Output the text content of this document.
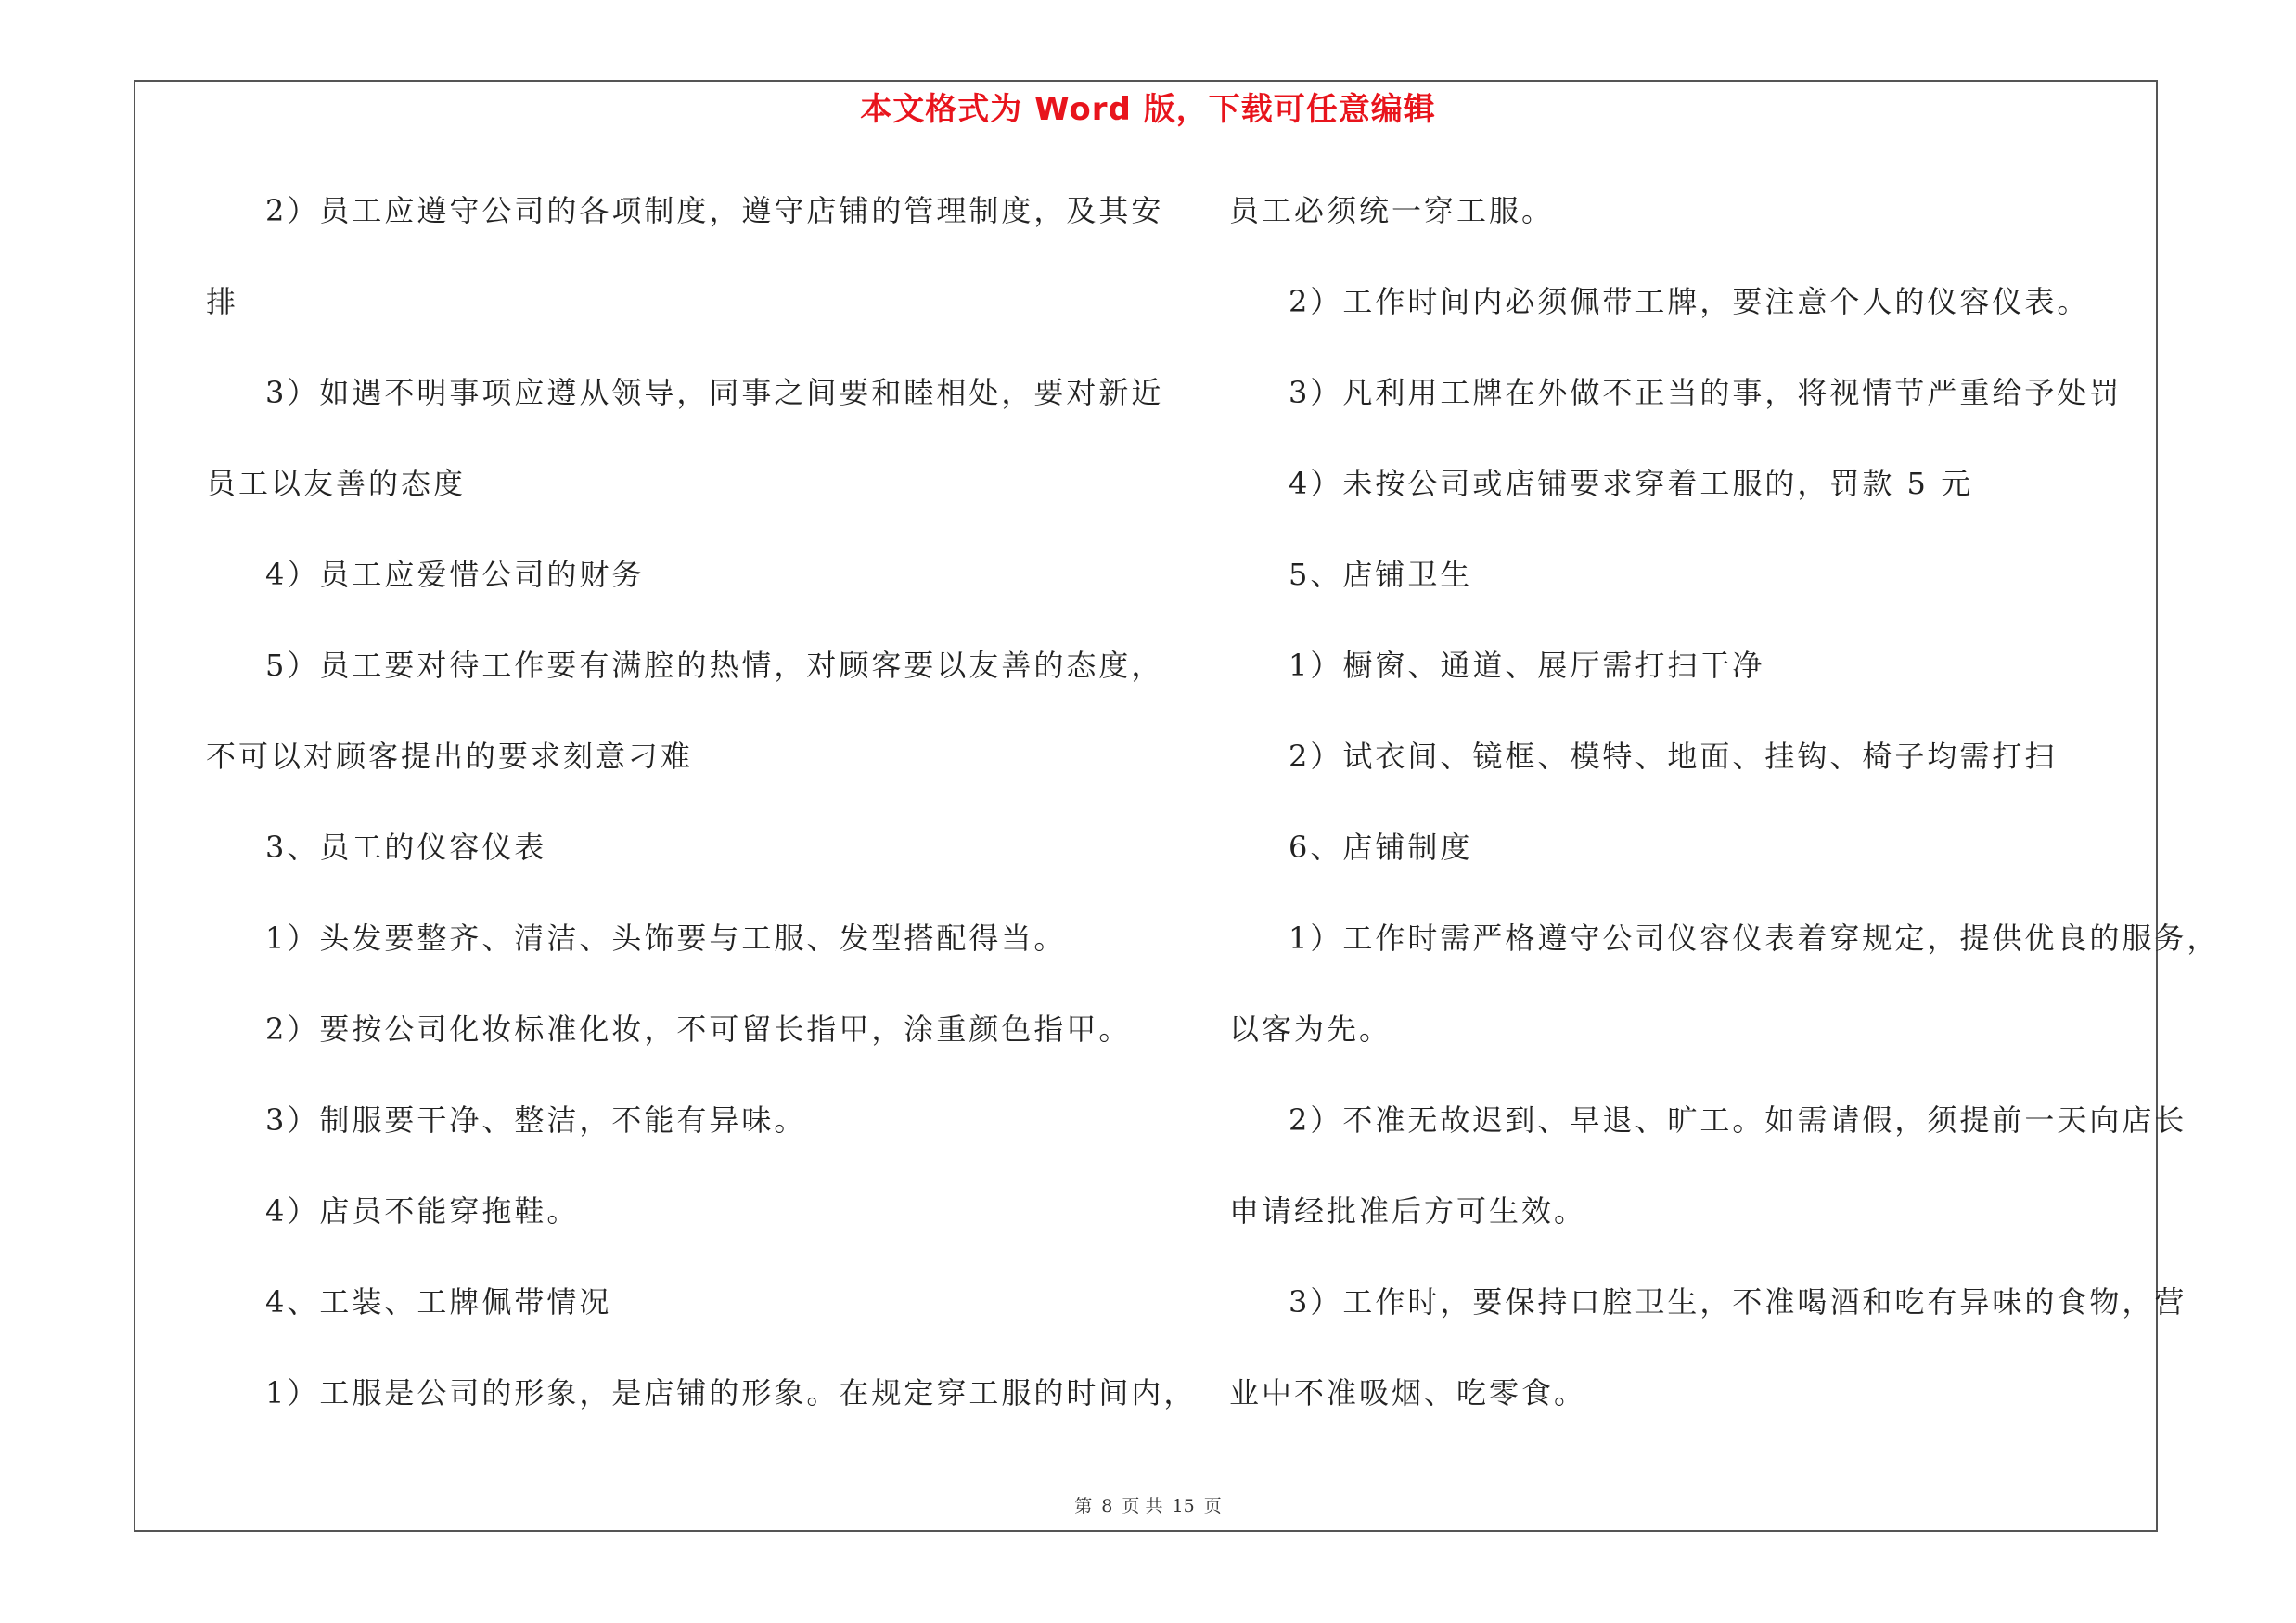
本文格式为 Word 版，下载可任意编辑
2）员工应遵守公司的各项制度，遵守店铺的管理制度，及其安
排
3）如遇不明事项应遵从领导，同事之间要和睦相处，要对新近
员工以友善的态度
4）员工应爱惜公司的财务
5）员工要对待工作要有满腔的热情，对顾客要以友善的态度，
不可以对顾客提出的要求刻意刁难
3、员工的仪容仪表
1）头发要整齐、清洁、头饰要与工服、发型搭配得当。
2）要按公司化妆标准化妆，不可留长指甲，涂重颜色指甲。
3）制服要干净、整洁，不能有异味。
4）店员不能穿拖鞋。
4、工装、工牌佩带情况
1）工服是公司的形象，是店铺的形象。在规定穿工服的时间内，
员工必须统一穿工服。
2）工作时间内必须佩带工牌，要注意个人的仪容仪表。
3）凡利用工牌在外做不正当的事，将视情节严重给予处罚
4）未按公司或店铺要求穿着工服的，罚款 5 元
5、店铺卫生
1）橱窗、通道、展厅需打扫干净
2）试衣间、镜框、模特、地面、挂钩、椅子均需打扫
6、店铺制度
1）工作时需严格遵守公司仪容仪表着穿规定，提供优良的服务，
以客为先。
2）不准无故迟到、早退、旷工。如需请假，须提前一天向店长
申请经批准后方可生效。
3）工作时，要保持口腔卫生，不准喝酒和吃有异味的食物，营
业中不准吸烟、吃零食。
第 8 页 共 15 页
